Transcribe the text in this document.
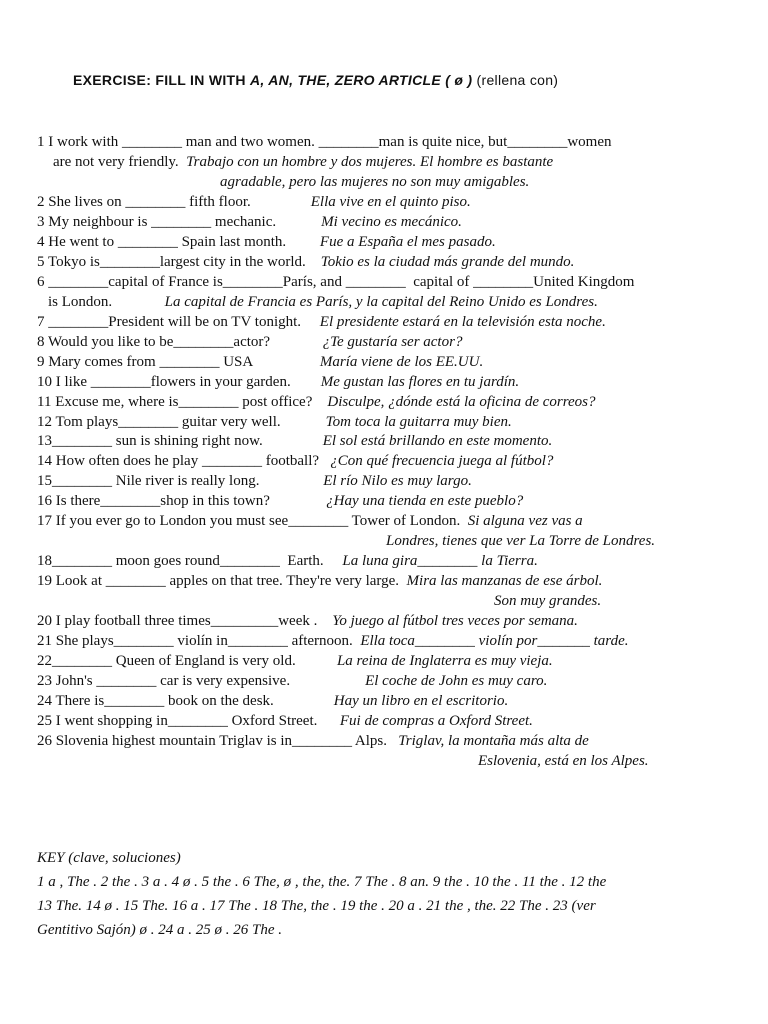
EXERCISE: FILL IN WITH A, AN, THE, ZERO ARTICLE ( ø ) (rellena con)
1 I work with ________ man and two women. ________man is quite nice, but________women
are not very friendly.  Trabajo con un hombre y dos mujeres. El hombre es bastante
agradable, pero las mujeres no son muy amigables.
2 She lives on ________ fifth floor.                Ella vive en el quinto piso.
3 My neighbour is ________ mechanic.            Mi vecino es mecánico.
4 He went to ________ Spain last month.         Fue a España el mes pasado.
5 Tokyo is________largest city in the world.    Tokio es la ciudad más grande del mundo.
6 ________capital of France is________París, and ________  capital of ________United Kingdom
is London.              La capital de Francia es París, y la capital del Reino Unido es Londres.
7 ________President will be on TV tonight.     El presidente estará en la televisión esta noche.
8 Would you like to be________actor?              ¿Te gustaría ser actor?
9 Mary comes from ________ USA                  María viene de los EE.UU.
10 I like ________flowers in your garden.        Me gustan las flores en tu jardín.
11 Excuse me, where is________ post office?    Disculpe, ¿dónde está la oficina de correos?
12 Tom plays________ guitar very well.            Tom toca la guitarra muy bien.
13________ sun is shining right now.                El sol está brillando en este momento.
14 How often does he play ________ football?   ¿Con qué frecuencia juega al fútbol?
15________ Nile river is really long.                 El río Nilo es muy largo.
16 Is there________shop in this town?               ¿Hay una tienda en este pueblo?
17 If you ever go to London you must see________ Tower of London.  Si alguna vez vas a
Londres, tienes que ver La Torre de Londres.
18________ moon goes round________  Earth.     La luna gira________ la Tierra.
19 Look at ________ apples on that tree. They're very large.  Mira las manzanas de ese árbol.
Son muy grandes.
20 I play football three times_________week .    Yo juego al fútbol tres veces por semana.
21 She plays________ violín in________ afternoon.  Ella toca________ violín por_______ tarde.
22________ Queen of England is very old.           La reina de Inglaterra es muy vieja.
23 John's ________ car is very expensive.                    El coche de John es muy caro.
24 There is________ book on the desk.                Hay un libro en el escritorio.
25 I went shopping in________ Oxford Street.      Fui de compras a Oxford Street.
26 Slovenia highest mountain Triglav is in________ Alps.   Triglav, la montaña más alta de
Eslovenia, está en los Alpes.
KEY (clave, soluciones)
1 a , The . 2 the . 3 a . 4 ø . 5 the . 6 The, ø , the, the. 7 The . 8 an. 9 the . 10 the . 11 the . 12 the
13 The. 14 ø . 15 The. 16 a . 17 The . 18 The, the . 19 the . 20 a . 21 the , the. 22 The . 23 (ver
Gentitivo Sajón) ø . 24 a . 25 ø . 26 The .
